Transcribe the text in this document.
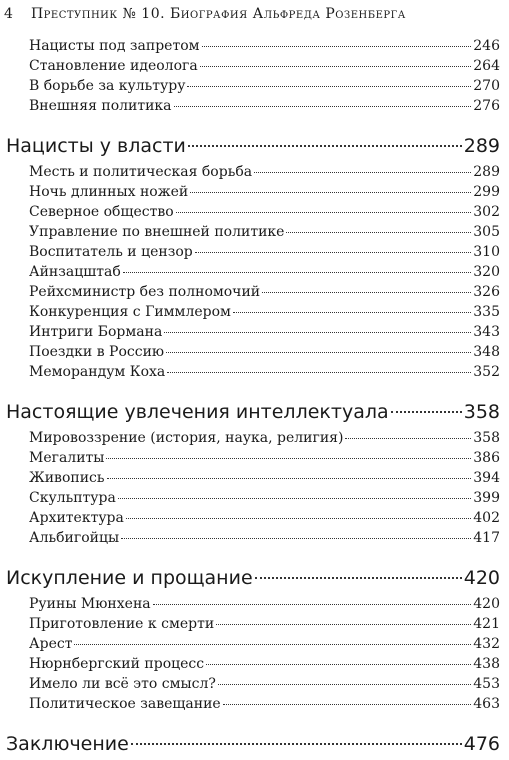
4 Преступник № 10. Биография Альфреда Розенберга
Нацисты под запретом	246
Становление идеолога	264
В борьбе за культуру	270
Внешняя политика	276
Нацисты у власти	289
Месть и политическая борьба	289
Ночь длинных ножей	299
Северное общество	302
Управление по внешней политике	305
Воспитатель и цензор	310
Айнзацштаб	320
Рейхсминистр без полномочий	326
Конкуренция с Гиммлером	335
Интриги Бормана	343
Поездки в Россию	348
Меморандум Коха	352
Настоящие увлечения интеллектуала	358
Мировоззрение (история, наука, религия)	358
Мегалиты	386
Живопись	394
Скульптура	399
Архитектура	402
Альбигойцы	417
Искупление и прощание	420
Руины Мюнхена	420
Приготовление к смерти	421
Арест	432
Нюрнбергский процесс	438
Имело ли всё это смысл?	453
Политическое завещание	463
Заключение	476
